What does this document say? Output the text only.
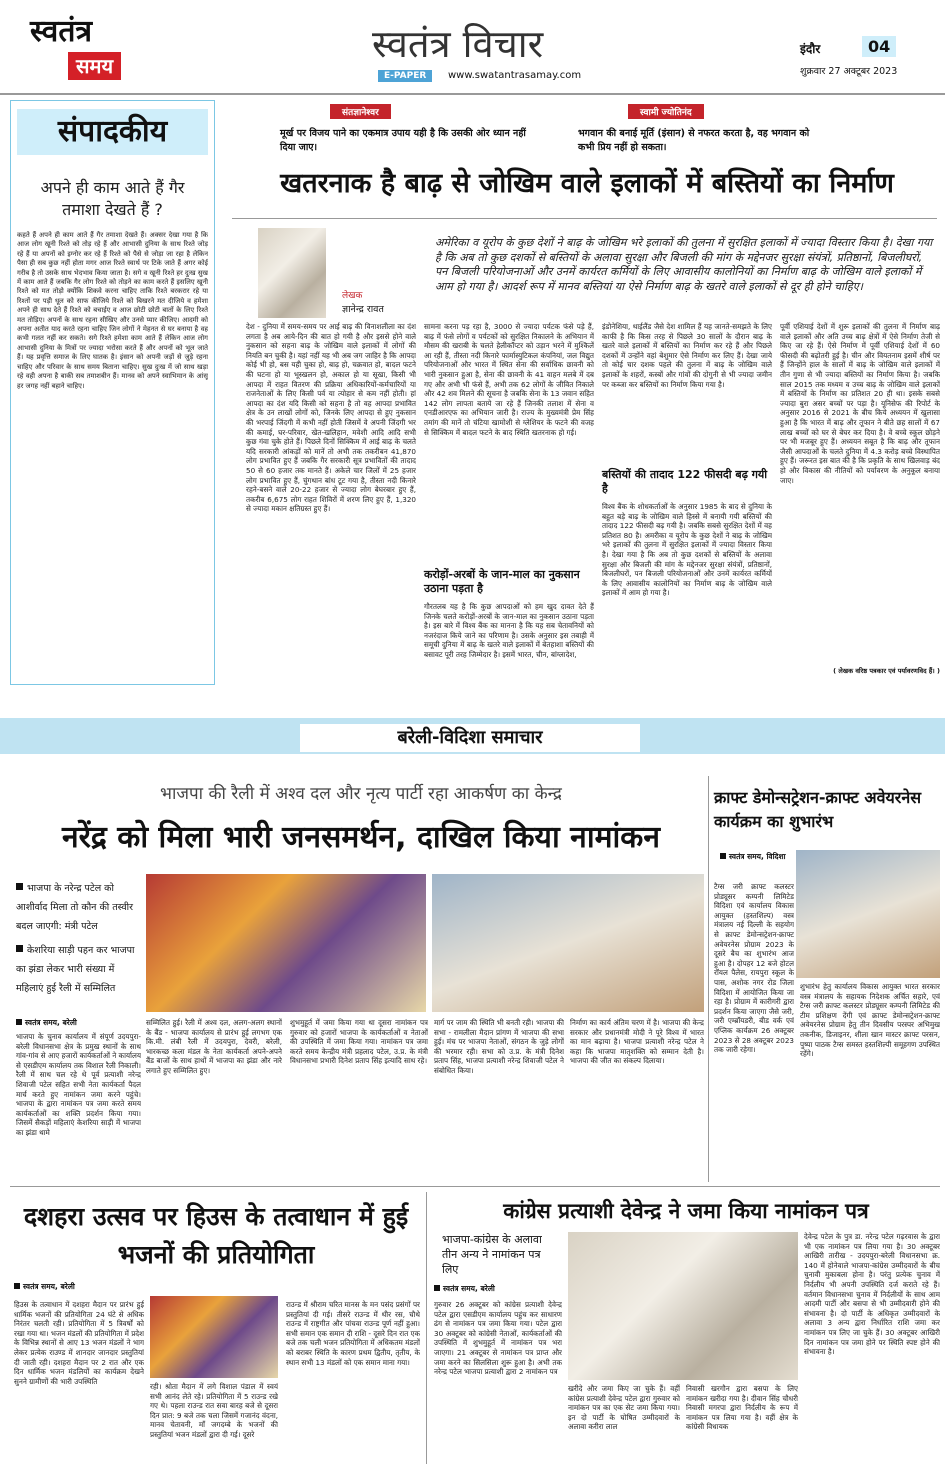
स्वतंत्र
समय	स्वतंत्र विचार
E-PAPER	www.swatantrasamay.com
इंदौर	04
शुक्रवार 27 अक्टूबर 2023
संतज्ञानेश्वर
मूर्ख पर विजय पाने का एकमात्र उपाय यही है कि उसकी ओर ध्यान नहीं दिया जाए।
स्वामी ज्योतिनंद
भगवान की बनाई मूर्ति (इंसान) से नफरत करता है, वह भगवान को कभी प्रिय नहीं हो सकता।
संपादकीय
अपने ही काम आते हैं गैर तमाशा देखते हैं ?
कहते हैं अपने ही काम आते हैं गैर तमाशा देखते हैं। अक्सर देखा गया है कि आज लोग खूनी रिश्ते को तोड़ रहे हैं और आभासी दुनिया के साथ रिश्ते जोड़ रहे हैं या अपनों को इग्नोर कर रहे हैं रिश्ते को पैसे से जोड़ा जा रहा है लेकिन पैसा ही सब कुछ नहीं होता मगर आज रिश्ते स्वार्थ पर टिके जाते हैं अगर कोई गरीब है तो उसके साथ भेदभाव किया जाता है। सगे व खूनी रिश्ते हर दुःख सुख में काम आते हैं जबकि गैर लोग रिश्ते को तोड़ने का काम करते हैं इसलिए खूनी रिश्ते को मत तोड़ो क्योंकि शिकवे करना चाहिए ताकि रिश्ते बरकरार रहे या रिश्तों पर पड़ी धूल को साफ कीजिये रिश्ते को बिखरने मत दीजिये व हमेशा अपने ही साथ देते हैं रिश्ते को बचाईए व आज छोटी छोटी बातों के लिए रिश्ते मत तोड़िए। अपनों के साथ रहना सीखिए और उनसे प्यार कीजिए। आदमी को अपना अतीत याद करते रहना चाहिए जिन लोगों ने मेहनत से घर बनाया है वह कभी गलत नहीं कर सकते। सगे रिश्ते हमेशा काम आते हैं लेकिन आज लोग आभासी दुनिया के मित्रों पर ज्यादा भरोसा करते हैं और अपनों को भूल जाते हैं। यह प्रवृत्ति समाज के लिए घातक है। इंसान को अपनी जड़ों से जुड़े रहना चाहिए और परिवार के साथ समय बिताना चाहिए। सुख दुःख में जो साथ खड़ा रहे वही अपना है बाकी सब तमाशबीन हैं। मानव को अपने स्वाभिमान के आंसू हर जगह नहीं बहाने चाहिए।
खतरनाक है बाढ़ से जोखिम वाले इलाकों में बस्तियों का निर्माण
लेखक
ज्ञानेन्द्र रावत
अमेरिका व यूरोप के कुछ देशों ने बाढ़ के जोखिम भरे इलाकों की तुलना में सुरक्षित इलाकों में ज्यादा विस्तार किया है। देखा गया है कि अब तो कुछ दशकों से बस्तियों के अलावा सुरक्षा और बिजली की मांग के मद्देनजर सुरक्षा संयंत्रों, प्रतिष्ठानों, बिजलीघरों, पन बिजली परियोजनाओं और उनमें कार्यरत कर्मियों के लिए आवासीय कालोनियों का निर्माण बाढ़ के जोखिम वाले इलाकों में आम हो गया है। आदर्श रूप में मानव बस्तियां या ऐसे निर्माण बाढ़ के खतरे वाले इलाकों से दूर ही होने चाहिए।
देश - दुनिया में समय-समय पर आई बाढ़ की विनाशलीला का दंश लगता है अब आये-दिन की बात हो गयी है और इससे होने वाले नुकसान को सहना बाढ़ के जोखिम वाले इलाकों में लोगों की नियति बन चुकी है। यहां नहीं यह भी अब जग जाहिर है कि आपदा कोई भी हो, बस यही चुका हो, बाढ़ हो, चक्रवात हो, बादल फटने की घटना हो या भूस्खलन हो, अकाल हो या सूखा, किसी भी आपदा में राहत वितरण की प्रक्रिया अधिकारियों-कर्मचारियों या राजनेताओं के लिए किसी पर्व या त्योहार से कम नहीं होती। हां आपदा का दंश यदि किसी को सहना है तो वह आपदा प्रभावित क्षेत्र के उन लाखों लोगों को, जिनके लिए आपदा से हुए नुकसान की भरपाई जिंदगी में कभी नहीं होती जिसमें वे अपनी जिंदगी भर की कमाई, घर-परिवार, खेत-खलिहान, मवेशी आदि आदि सभी कुछ गंवा चुके होते हैं। पिछले दिनों सिक्किम में आई बाढ़ के चलते यदि सरकारी आंकड़ों को मानें तो अभी तक तकरीबन 41,870 लोग प्रभावित हुए हैं जबकि गैर सरकारी सूत्र प्रभावितों की तादाद 50 से 60 हजार तक मानते हैं। अकेले चार जिलों में 25 हजार लोग प्रभावित हुए हैं, चुंगथान बांध टूट गया है, तीस्ता नदी किनारे रहने-बसने वाले 20-22 हजार से ज्यादा लोग बेघरबार हुए हैं, तकरीब 6,675 लोग राहत शिविरों में शरण लिए हुए हैं, 1,320 से ज्यादा मकान क्षतिग्रस्त हुए हैं।
सामना करना पड़ रहा है, 3000 से ज्यादा पर्यटक फंसे पड़े हैं, बाढ़ में फंसे लोगों व पर्यटकों को सुरक्षित निकालने के अभियान में मौसम की खराबी के चलते हेलीकॉप्टर को उड़ान भरने में मुश्किलें आ रही हैं, तीस्ता नदी किनारे फार्मास्युटिकल कंपनियां, जल विद्युत परियोजनाओं और भारत में स्थित सेना की सर्वाधिक छावनी को भारी नुकसान हुआ है, सेना की छावनी के 41 वाहन मलबे में दब गए और अभी भी फंसे हैं, अभी तक 62 लोगों के जीवित निकाले और 42 शव मिलने की सूचना है जबकि सेना के 13 जवान सहित 142 लोग लापता बताये जा रहे हैं जिनकी तलाश में सेना व एनडीआरएफ का अभियान जारी है। राज्य के मुख्यमंत्री प्रेम सिंह तमांग की मानें तो चंटिया खामोशी से ग्लेशियर के फटने की वजह से सिक्किम में बादल फटने के बाद स्थिति खतरनाक हो गई।
करोड़ों-अरबों के जान-माल का नुकसान उठाना पड़ता है
गौरतलब यह है कि कुछ आपदाओं को हम खुद दावत देते हैं जिनके चलते करोड़ों-अरबों के जान-माल का नुकसान उठाना पड़ता है। इस बारे में विश्व बैंक का मानना है कि यह सब चेतावनियों को नजरंदाज किये जाने का परिणाम है। उसके अनुसार इस तबाही में समूची दुनिया में बाढ़ के खतरे वाले इलाकों में बेतहाशा बस्तियों की बसावट पूरी तरह जिम्मेदार है। इसमें भारत, चीन, बांग्लादेश,
इंडोनेशिया, थाईलैंड जैसे देश शामिल हैं यह जानते-समझते के लिए काफी है कि किस तरह से पिछले 30 सालों के दौरान बाढ़ के खतरे वाले इलाकों में बस्तियों का निर्माण कर रहे हैं और पिछले दशकों में उन्होंने वहां बेशुमार ऐसे निर्माण कर लिए हैं। देखा जाये तो कोई चार दशक पहले की तुलना में बाढ़ के जोखिम वाले इलाकों के शहरों, कस्बों और गांवों की दोगुनी से भी ज्यादा जमीन पर कब्जा कर बस्तियों का निर्माण किया गया है।
बस्तियों की तादाद 122 फीसदी बढ़ गयी है
विश्व बैंक के शोधकर्ताओं के अनुसार 1985 के बाद से दुनिया के बहुत बड़े बाढ़ के जोखिम वाले हिस्से में बनायी गयी बस्तियों की तादाद 122 फीसदी बढ़ गयी है। जबकि सबसे सुरक्षित देशों में वह प्रतिशत 80 है। अमरीका व यूरोप के कुछ देशों ने बाढ़ के जोखिम भरे इलाकों की तुलना में सुरक्षित इलाकों में ज्यादा विस्तार किया है। देखा गया है कि अब तो कुछ दशकों से बस्तियों के अलावा सुरक्षा और बिजली की मांग के मद्देनजर सुरक्षा संयंत्रों, प्रतिष्ठानों, बिजलीघरों, पन बिजली परियोजनाओं और उनमें कार्यरत कर्मियों के लिए आवासीय कालोनियों का निर्माण बाढ़ के जोखिम वाले इलाकों में आम हो गया है।
पूर्वी एशियाई देशों में शुरू इलाकों की तुलना में निर्माण बाढ़ वाले इलाकों और अति उच्च बाढ़ क्षेत्रों में ऐसे निर्माण तेजी से किए जा रहे हैं। ऐसे निर्माण में पूर्वी एशियाई देशों में 60 फीसदी की बढ़ोतरी हुई है। चीन और वियतनाम इसमें शीर्ष पर हैं जिन्होंने हाल के सालों में बाढ़ के जोखिम वाले इलाकों में तीन गुणा से भी ज्यादा बस्तियों का निर्माण किया है। जबकि साल 2015 तक मध्यम व उच्च बाढ़ के जोखिम वाले इलाकों में बस्तियों के निर्माण का प्रतिशत 20 ही था। इसके सबसे ज्यादा बुरा असर बच्चों पर पड़ा है। यूनिसेफ की रिपोर्ट के अनुसार 2016 से 2021 के बीच किये अध्ययन में खुलासा हुआ है कि भारत में बाढ़ और तूफान ने बीते छह सालों में 67 लाख बच्चों को घर से बेघर कर दिया है। वे बच्चे स्कूल छोड़ने पर भी मजबूर हुए हैं। अध्ययन सबूत है कि बाढ़ और तूफान जैसी आपदाओं के चलते दुनिया में 4.3 करोड़ बच्चे विस्थापित हुए हैं। जरूरत इस बात की है कि प्रकृति के साथ खिलवाड़ बंद हो और विकास की नीतियों को पर्यावरण के अनुकूल बनाया जाए।
( लेखक वरिष्ठ पत्रकार एवं पर्यावरणविद हैं। )
बरेली-विदिशा समाचार
भाजपा की रैली में अश्व दल और नृत्य पार्टी रहा आकर्षण का केन्द्र
नरेंद्र को मिला भारी जनसमर्थन, दाखिल किया नामांकन
भाजपा के नरेन्द्र पटेल को आशीर्वाद मिला तो कौन की तस्वीर बदल जाएगी: मंत्री पटेल
केशरिया साड़ी पहन कर भाजपा का झंडा लेकर भारी संख्या में महिलाएं हुई रैली में सम्मिलित
स्वतंत्र समय, बरेली
भाजपा के चुनाव कार्यालय में संपूर्ण उदयपुरा-बरेली विधानसभा क्षेत्र के प्रमुख स्थानों के साथ गांव-गांव से आए हजारों कार्यकर्ताओं ने कार्यालय से एसडीएम कार्यालय तक विशाल रैली निकाली। रैली में साथ चल रहे थे पूर्व प्रत्याशी नरेन्द्र शिवाजी पटेल सहित सभी नेता कार्यकर्ता पैदल मार्च करते हुए नामांकन जमा करने पहुंचे। भाजपा के द्वारा नामांकन पत्र जमा करते समय कार्यकर्ताओं का शक्ति प्रदर्शन किया गया। जिसमें सैकड़ों महिलाएं केशरिया साड़ी में भाजपा का झंडा थामे
सम्मिलित हुई। रैली में अश्व दल, अलग-अलग स्थानों के बैंड - भाजपा कार्यालय से प्रारंभ हुई लगभग एक कि.मी. लंबी रैली में उदयपुरा, देवरी, बरेली, भारकच्छ कला मंडल के नेता कार्यकर्ता अपने-अपने बैंड बाजों के साथ हाथों में भाजपा का झंडा और नारे लगाते हुए सम्मिलित हुए।
शुभमुहूर्त में जमा किया गया था दूसरा नामांकन पत्र गुरुवार को हजारों भाजपा के कार्यकर्ताओं व नेताओं की उपस्थिति में जमा किया गया। नामांकन पत्र जमा करते समय केन्द्रीय मंत्री प्रहलाद पटेल, उ.प्र. के मंत्री विधानसभा प्रभारी दिनेश प्रताप सिंह इत्यादि साथ रहे।
मार्ग पर जाम की स्थिति भी बनती रही। भाजपा की सभा - रामलीला मैदान प्रांगण में भाजपा की सभा हुई। मंच पर भाजपा नेताओं, संगठन के जुड़े लोगों की भरमार रही। सभा को उ.प्र. के मंत्री दिनेश प्रताप सिंह, भाजपा प्रत्याशी नरेन्द्र शिवाजी पटेल ने संबोधित किया।
निर्माण का कार्य अंतिम चरण में है। भाजपा की केन्द्र सरकार और प्रधानमंत्री मोदी ने पूरे विश्व में भारत का मान बढ़ाया है। भाजपा प्रत्याशी नरेन्द्र पटेल ने कहा कि भाजपा मातृशक्ति को सम्मान देती है। भाजपा की जीत का संकल्प दिलाया।
क्राफ्ट डेमोन्सट्रेशन-क्राफ्ट अवेयरनेस कार्यक्रम का शुभारंभ
स्वतंत्र समय, विदिशा
टैग्स जरी क्राफ्ट कलस्टर प्रोड्यूसर कम्पनी लिमिटेड विदिशा एवं कार्यालय विकास आयुक्त (हस्तशिल्प) वस्त्र मंत्रालय नई दिल्ली के सहयोग से क्राफ्ट डेमोन्सट्रेशन-क्राफ्ट अवेयरनेस प्रोग्राम 2023 के दूसरे बैच का शुभारंभ आज हुआ है। दोपहर 12 बजे होटल रॉयल पैलेस, रायपुरा स्कूल के पास, अशोक नगर रोड जिला विदिशा में आयोजित किया जा रहा है। प्रोग्राम में कारीगरी द्वारा प्रदर्शन किया जाएगा जैसे जरी, जरी एम्ब्रॉयडरी, बीड वर्क एवं एप्लिक कार्यक्रम 26 अक्टूबर 2023 से 28 अक्टूबर 2023 तक जारी रहेगा।
शुभारंभ हेतु कार्यालय विकास आयुक्त भारत सरकार वस्त्र मंत्रालय के सहायक निदेशक अर्चित सहारे, एवं टैग्स जरी क्राफ्ट कलस्टर प्रोड्यूसर कम्पनी लिमिटेड की टीम प्रशिक्षण देंगी एवं क्राफ्ट डेमोन्सट्रेशन-क्राफ्ट अवेयरनेस प्रोग्राम हेतु तीन दिवसीय परस्पर अभिमुख तकनीक, डिजाइनर, शीला खान मास्टर क्राफ्ट परसन, पुष्पा पाठक टैग्स समस्त हस्तशिल्पी समूहगण उपस्थित रहेंगे।
दशहरा उत्सव पर हिउस के तत्वाधान में हुई भजनों की प्रतियोगिता
स्वतंत्र समय, बरेली
हिउस के तत्वाधान में दशहरा मैदान पर प्रारंभ हुई धार्मिक भजनों की प्रतियोगिता 24 घंटे से अधिक निरंतर चलती रही। प्रतियोगिता में 5 त्रिवर्षों को रखा गया था। भजन मंडलों की प्रतियोगिता में प्रदेश के विभिन्न स्थानों से आए 13 भजन मंडलों ने भाग लेकर प्रत्येक राउण्ड में शानदार जानदार प्रस्तुतियां दी जाती रही। दशहरा मैदान पर 2 रात और एक दिन धार्मिक भजन मंडलियों का कार्यक्रम देखने सुनने ग्रामीणों की भारी उपस्थिति
रही। श्रोता मैदान में लगे विशाल पंडाल में स्वयं सभी आनंद लेते रहे। प्रतियोगिता में 5 राउन्ड रखे गए थे। पहला राउन्ड रात सवा बारह बजे से दूसरा दिन प्रात: 9 बजे तक चला जिसमें गजानंद वंदना, मानव चेतावनी, माँ जगदम्बे के भजनों की प्रस्तुतियां भजन मंडलों द्वारा दी गई। दूसरे
राउन्ड में श्रीराम चरित मानस के मन पसंद प्रसंगों पर प्रस्तुतियां दी गई। तीसरे राउन्ड में थीर रस, चौथे राउन्ड में राष्ट्रगीत और पांचवा राउन्ड पूर्ण नहीं हुआ। सभी समान एक समान दी राशि - दूसरे दिन रात एक बजे तक चली भजन प्रतियोगिता में अधिकतम मंडलों को बराबर स्थिति के कारण प्रथम द्वितीय, तृतीय, के स्थान सभी 13 मंडलों को एक समान माना गया।
कांग्रेस प्रत्याशी देवेन्द्र ने जमा किया नामांकन पत्र
भाजपा-कांग्रेस के अलावा तीन अन्य ने नामांकन पत्र लिए
स्वतंत्र समय, बरेली
गुरुवार 26 अक्टूबर को कांग्रेस प्रत्याशी देवेन्द्र पटेल द्वारा एसडीएम कार्यालय पहुंच कर साधारण ढंग से नामांकन पत्र जमा किया गया। पटेल द्वारा 30 अक्टूबर को कांग्रेसी नेताओं, कार्यकर्ताओं की उपस्थिति में शुभमुहूर्त में नामांकन पत्र भरा जाएगा। 21 अक्टूबर से नामांकन पत्र प्राप्त और जमा करने का सिलसिला शुरू हुआ है। अभी तक नरेन्द्र पटेल भाजपा प्रत्याशी द्वारा 2 नामांकन पत्र
खरीदे और जमा किए जा चुके हैं। वहीं कांग्रेस प्रत्याशी देवेन्द्र पटेल द्वारा गुरुवार को नामांकन पत्र का एक सेट जमा किया गया। इन दो पार्टी के घोषित उम्मीदवारों के अलावा करीरा लाल
निवासी खरगौन द्वारा बसपा के लिए नामांकन खरीदा गया है। दीवान सिंह चौधरी निवासी मगरपा द्वारा निर्दलीय के रूप में नामांकन पत्र लिया गया है। वहीं क्षेत्र के कांग्रेसी विधायक
देवेन्द्र पटेल के पुत्र डा. नरेन्द्र पटेल गढ़रवास के द्वारा भी एक नामांकन पत्र लिया गया है। 30 अक्टूबर आखिरी तारीख - उदयपुरा-बरेली विधानसभा क्र. 140 में होनेवाले भाजपा-कांग्रेस उम्मीदवारों के बीच चुनावी मुकाबला होना है। परंतु प्रत्येक चुनाव में निर्दलीय भी अपनी उपस्थिति दर्ज कराते रहे हैं। वर्तमान विधानसभा चुनाव में निर्दलीयों के साथ आम आदमी पार्टी और बसपा से भी उम्मीदवारी होने की संभावना है। दो पार्टी के अधिकृत उम्मीदवारों के अलावा 3 अन्य द्वारा निर्धारित राशि जमा कर नामांकन पत्र लिए जा चुके हैं। 30 अक्टूबर आखिरी दिन नामांकन पत्र जमा होने पर स्थिति स्पष्ट होने की संभावना है।
